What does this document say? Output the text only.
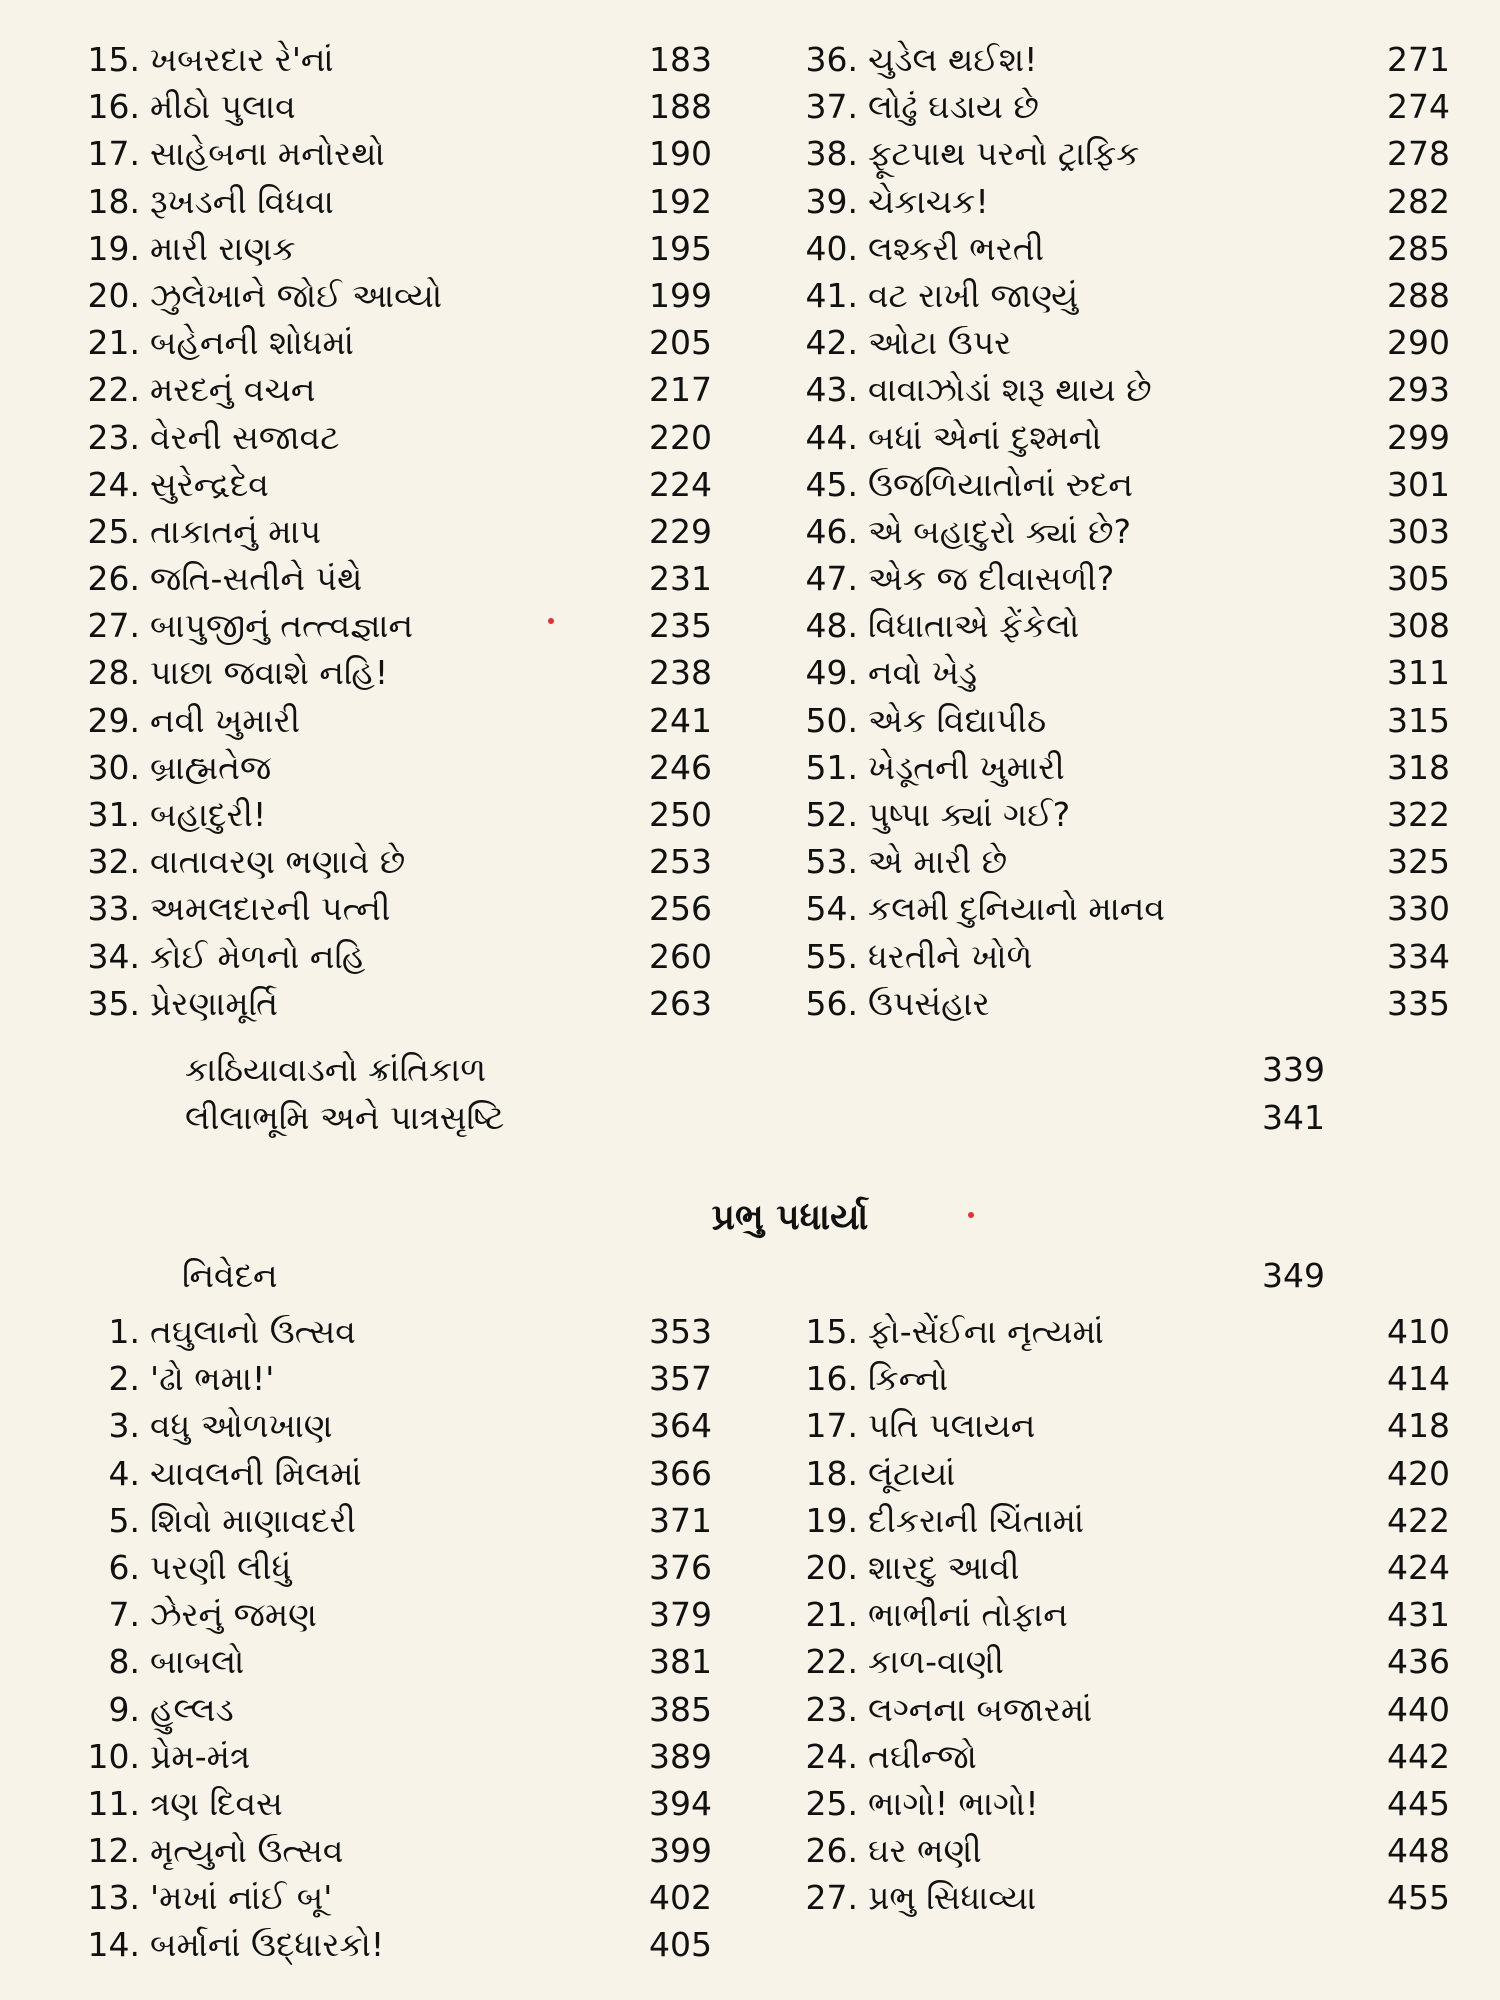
15. ખબરદાર રે'નાં	183
16. મીઠો પુલાવ	188
17. સાહેબના મનોરથો	190
18. રૂખડની વિધવા	192
19. મારી રાણક	195
20. ઝુલેખાને જોઈ આવ્યો	199
21. બહેનની શોધમાં	205
22. મરદનું વચન	217
23. વેરની સજાવટ	220
24. સુરેન્દ્રદેવ	224
25. તાકાતનું માપ	229
26. જતિ-સતીને પંથે	231
27. બાપુજીનું તત્ત્વજ્ઞાન	235
28. પાછા જવાશે નહિ!	238
29. નવી ખુમારી	241
30. બ્રાહ્મતેજ	246
31. બહાદુરી!	250
32. વાતાવરણ ભણાવે છે	253
33. અમલદારની પત્ની	256
34. કોઈ મેળનો નહિ	260
35. પ્રેરણામૂર્તિ	263
36. ચુડેલ થઈશ!	271
37. લોઢું ઘડાય છે	274
38. ફૂટપાથ પરનો ટ્રાફિક	278
39. ચેકાચક!	282
40. લશ્કરી ભરતી	285
41. વટ રાખી જાણ્યું	288
42. ઓટા ઉપર	290
43. વાવાઝોડાં શરૂ થાય છે	293
44. બધાં એનાં દુશ્મનો	299
45. ઉજળિયાતોનાં રુદન	301
46. એ બહાદુરો ક્યાં છે?	303
47. એક જ દીવાસળી?	305
48. વિધાતાએ ફેંકેલો	308
49. નવો ખેડુ	311
50. એક વિદ્યાપીઠ	315
51. ખેડૂતની ખુમારી	318
52. પુષ્પા ક્યાં ગઈ?	322
53. એ મારી છે	325
54. કલમી દુનિયાનો માનવ	330
55. ધરતીને ખોળે	334
56. ઉપસંહાર	335
કાઠિયાવાડનો ક્રાંતિકાળ	339
લીલાભૂમિ અને પાત્રસૃષ્ટિ	341
પ્રભુ પધાર્યા
નિવેદન	349
1. તઘુલાનો ઉત્સવ	353
2. 'ઢો ભમા!'	357
3. વધુ ઓળખાણ	364
4. ચાવલની મિલમાં	366
5. શિવો માણાવદરી	371
6. પરણી લીધું	376
7. ઝેરનું જમણ	379
8. બાબલો	381
9. હુલ્લડ	385
10. પ્રેમ-મંત્ર	389
11. ત્રણ દિવસ	394
12. મૃત્યુનો ઉત્સવ	399
13. 'મખાં નાંઈ બૂ'	402
14. બર્માનાં ઉદ્ધારકો!	405
15. ફો-સેંઈના નૃત્યમાં	410
16. કિન્નો	414
17. પતિ પલાયન	418
18. લૂંટાયાં	420
19. દીકરાની ચિંતામાં	422
20. શારદુ આવી	424
21. ભાભીનાં તોફાન	431
22. કાળ-વાણી	436
23. લગ્નના બજારમાં	440
24. તઘીન્જો	442
25. ભાગો! ભાગો!	445
26. ઘર ભણી	448
27. પ્રભુ સિધાવ્યા	455
